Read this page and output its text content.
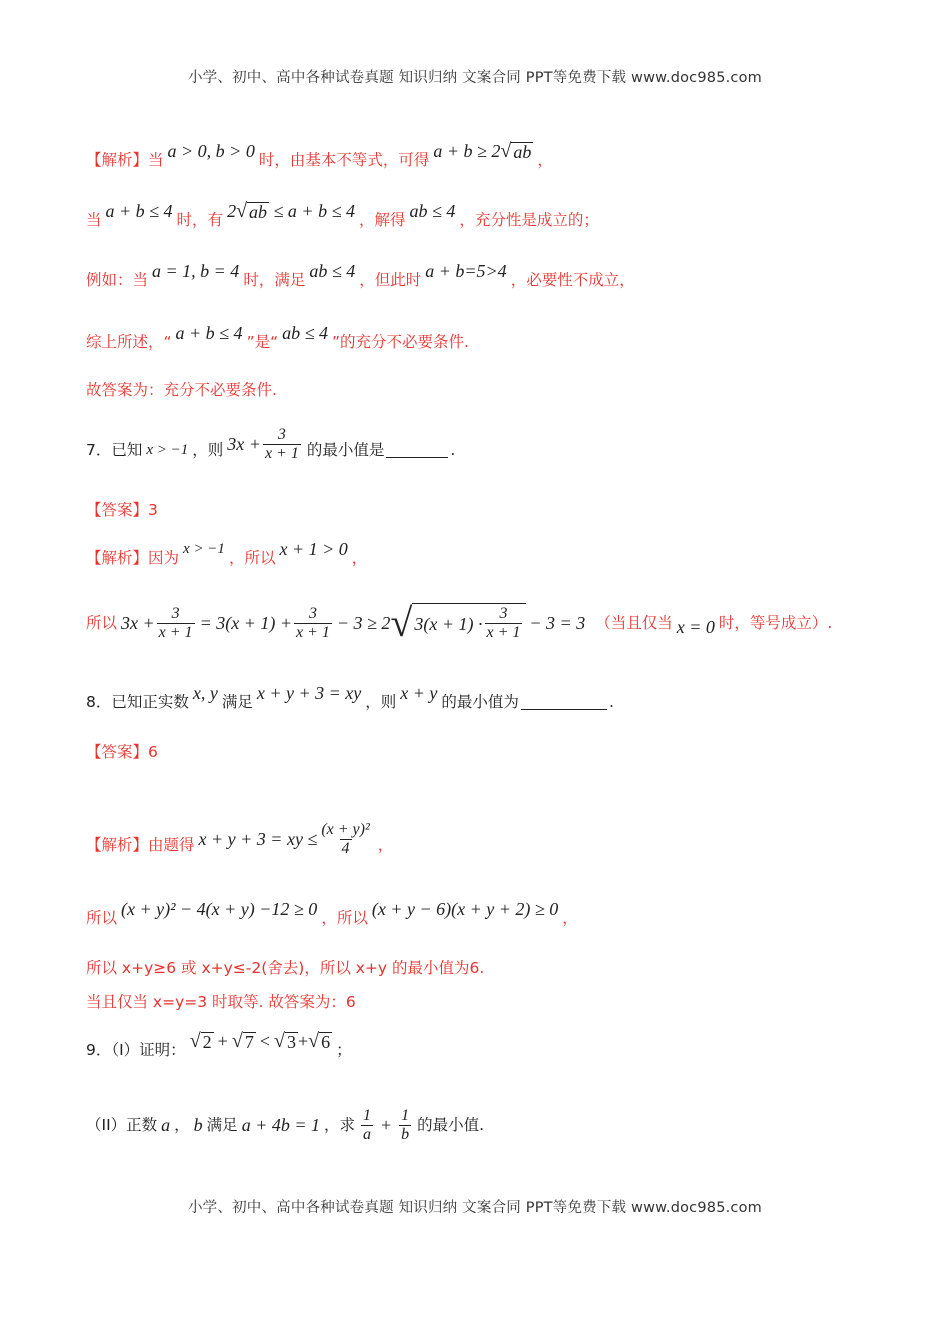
小学、初中、高中各种试卷真题 知识归纳 文案合同 PPT等免费下载 www.doc985.com
【解析】 当 a > 0, b > 0 时，由基本不等式，可得 a + b ≥ 2 √ ab ，
当 a + b ≤ 4 时，有 2 √ ab ≤ a + b ≤ 4 ，解得 ab ≤ 4 ，充分性是成立的；
例如：当 a = 1, b = 4 时，满足 ab ≤ 4 ，但此时 a + b=5>4 ，必要性不成立，
综上所述，“ a + b ≤ 4 ”是“ ab ≤ 4 ”的充分不必要条件.
故答案为：充分不必要条件.
7．已知 x > −1 ，则 $3x + \frac{3}{x + 1}$ 的最小值是	.
【答案】 3
【解析】 因为 x > −1 ，所以 x + 1 > 0 ，
所以 $3x + \frac{3}{x + 1} = 3(x + 1) + \frac{3}{x + 1} - 3 \ge 2$ √ $3(x + 1) \cdot \frac{3}{x + 1} - 3 = 3$ （当且仅当 x = 0 时，等号成立）.
8．已知正实数 x, y 满足 x + y + 3 = xy ，则 x + y 的最小值为	.
【答案】 6
【解析】 由题得 x + y + 3 = xy ≤ $\frac{\text{(x + y)²}}{4}$ ，
所以 (x + y)² − 4(x + y) −12 ≥ 0 ，所以 (x + y − 6)(x + y + 2) ≥ 0 ，
所以 x+y≥6 或 x+y≤-2(舍去)，所以 x+y 的最小值为6.
当且仅当 x=y=3 时取等. 故答案为：6
9．（I）证明： √ 2 + √ 7 < √ 3 + √ 6 ；
（II）正数 a ， b 满足 a + 4b = 1 ，求 $\frac{1}{a} + \frac{1}{b}$ 的最小值.
小学、初中、高中各种试卷真题 知识归纳 文案合同 PPT等免费下载 www.doc985.com
